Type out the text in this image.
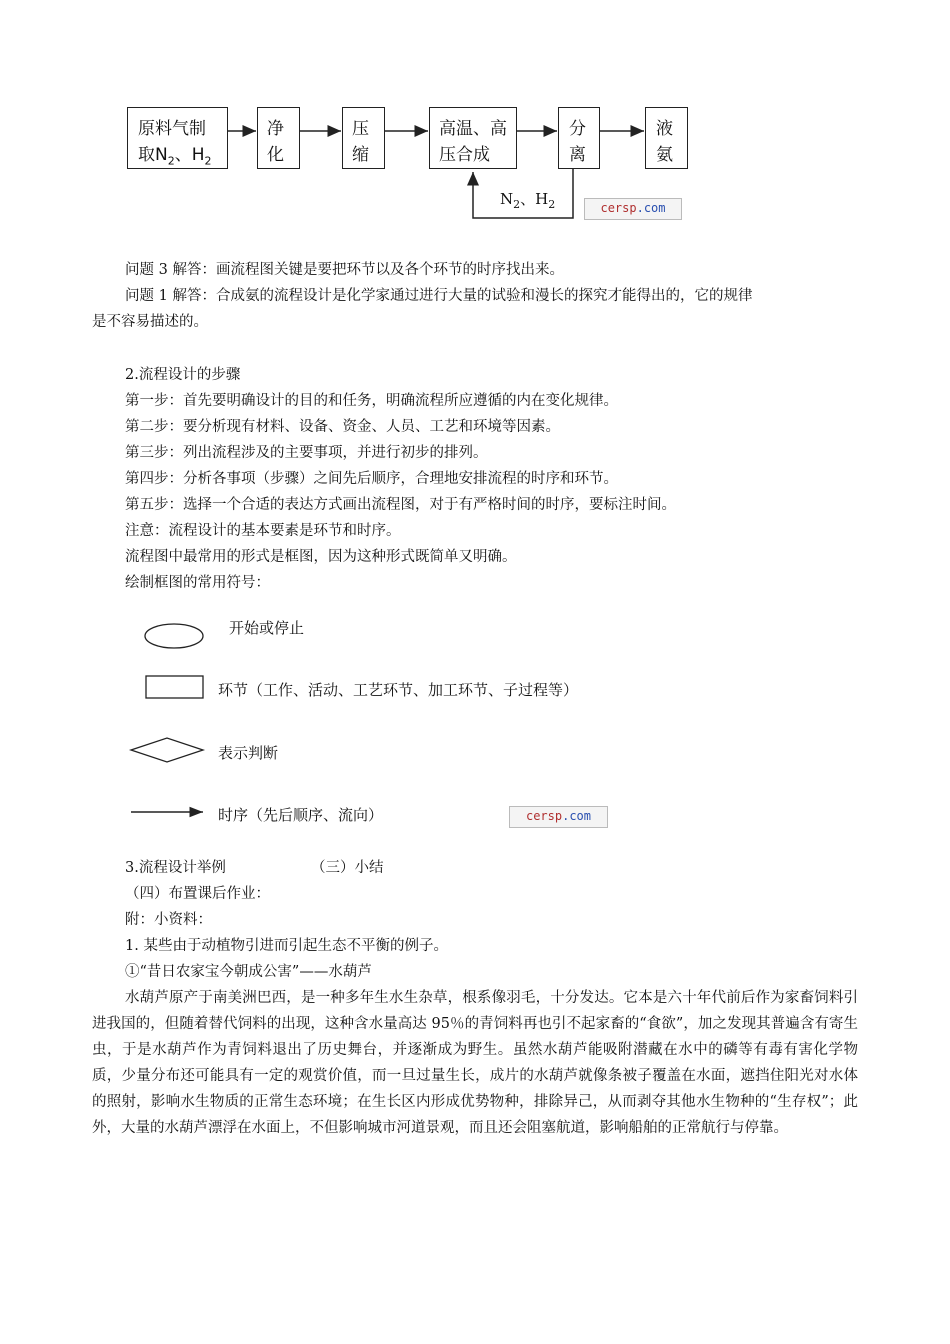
原料气制
取$N_2$、$H_2$
净
化
压
缩
高温、高
压合成
分
离
液
氨
$N_2$、$H_2$	cersp.com
问题 3 解答：画流程图关键是要把环节以及各个环节的时序找出来。
问题 1 解答：合成氨的流程设计是化学家通过进行大量的试验和漫长的探究才能得出的，它的规律
是不容易描述的。
2.流程设计的步骤
第一步：首先要明确设计的目的和任务，明确流程所应遵循的内在变化规律。
第二步：要分析现有材料、设备、资金、人员、工艺和环境等因素。
第三步：列出流程涉及的主要事项，并进行初步的排列。
第四步：分析各事项（步骤）之间先后顺序，合理地安排流程的时序和环节。
第五步：选择一个合适的表达方式画出流程图，对于有严格时间的时序，要标注时间。
注意：流程设计的基本要素是环节和时序。
流程图中最常用的形式是框图，因为这种形式既简单又明确。
绘制框图的常用符号：
开始或停止
环节（工作、活动、工艺环节、加工环节、子过程等）
表示判断
时序（先后顺序、流向）	cersp.com
3.流程设计举例	（三）小结
（四）布置课后作业：
附：小资料：
1. 某些由于动植物引进而引起生态不平衡的例子。
①“昔日农家宝今朝成公害”——水葫芦
水葫芦原产于南美洲巴西，是一种多年生水生杂草，根系像羽毛，十分发达。它本是六十年代前后作为家畜饲料引进我国的，但随着替代饲料的出现，这种含水量高达 95％的青饲料再也引不起家畜的“食欲”，加之发现其普遍含有寄生虫，于是水葫芦作为青饲料退出了历史舞台，并逐渐成为野生。虽然水葫芦能吸附潜藏在水中的磷等有毒有害化学物质，少量分布还可能具有一定的观赏价值，而一旦过量生长，成片的水葫芦就像条被子覆盖在水面，遮挡住阳光对水体的照射，影响水生物质的正常生态环境；在生长区内形成优势物种，排除异己，从而剥夺其他水生物种的“生存权”；此外，大量的水葫芦漂浮在水面上，不但影响城市河道景观，而且还会阻塞航道，影响船舶的正常航行与停靠。
